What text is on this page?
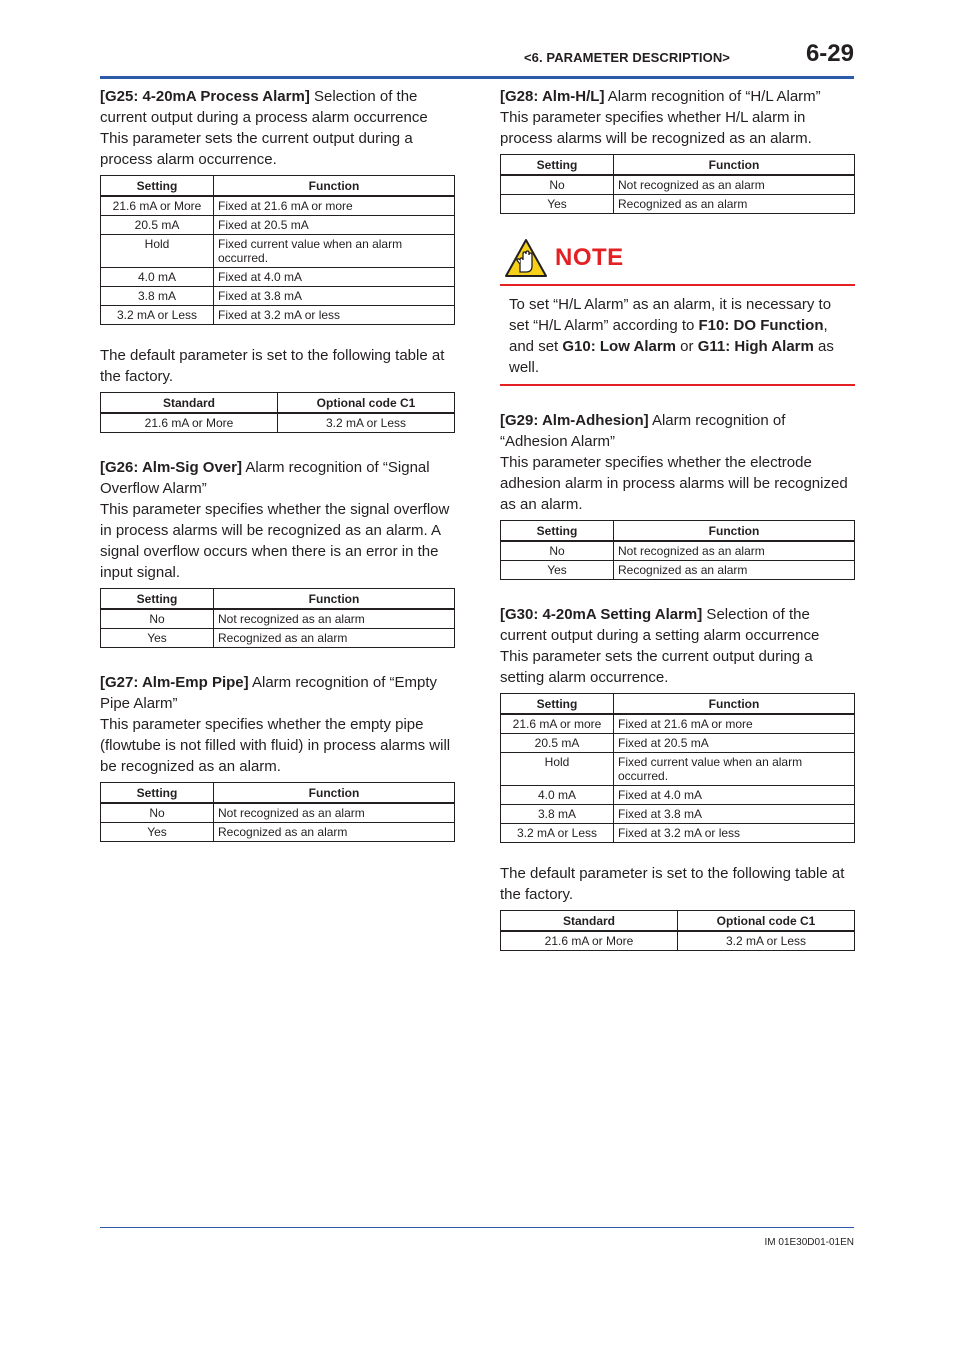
<6. PARAMETER DESCRIPTION>	6-29

[G25: 4-20mA Process Alarm] Selection of the current output during a process alarm occurrence

This parameter sets the current output during a process alarm occurrence.

Setting	Function
21.6 mA or More	Fixed at 21.6 mA or more
20.5 mA	Fixed at 20.5 mA
Hold	Fixed current value when an alarm occurred.
4.0 mA	Fixed at 4.0 mA
3.8 mA	Fixed at 3.8 mA
3.2 mA or Less	Fixed at 3.2 mA or less

The default parameter is set to the following table at the factory.

Standard	Optional code C1
21.6 mA or More	3.2 mA or Less

[G26: Alm-Sig Over] Alarm recognition of “Signal Overflow Alarm”

This parameter specifies whether the signal overflow in process alarms will be recognized as an alarm. A signal overflow occurs when there is an error in the input signal.

Setting	Function
No	Not recognized as an alarm
Yes	Recognized as an alarm

[G27: Alm-Emp Pipe] Alarm recognition of “Empty Pipe Alarm”

This parameter specifies whether the empty pipe (flowtube is not filled with fluid) in process alarms will be recognized as an alarm.

Setting	Function
No	Not recognized as an alarm
Yes	Recognized as an alarm

[G28: Alm-H/L] Alarm recognition of “H/L Alarm”

This parameter specifies whether H/L alarm in process alarms will be recognized as an alarm.

Setting	Function
No	Not recognized as an alarm
Yes	Recognized as an alarm
NOTE
To set “H/L Alarm” as an alarm, it is necessary to set “H/L Alarm” according to F10: DO Function, and set G10: Low Alarm or G11: High Alarm as well.

[G29: Alm-Adhesion] Alarm recognition of “Adhesion Alarm”

This parameter specifies whether the electrode adhesion alarm in process alarms will be recognized as an alarm.

Setting	Function
No	Not recognized as an alarm
Yes	Recognized as an alarm

[G30: 4-20mA Setting Alarm] Selection of the current output during a setting alarm occurrence

This parameter sets the current output during a setting alarm occurrence.

Setting	Function
21.6 mA or more	Fixed at 21.6 mA or more
20.5 mA	Fixed at 20.5 mA
Hold	Fixed current value when an alarm occurred.
4.0 mA	Fixed at 4.0 mA
3.8 mA	Fixed at 3.8 mA
3.2 mA or Less	Fixed at 3.2 mA or less

The default parameter is set to the following table at the factory.

Standard	Optional code C1
21.6 mA or More	3.2 mA or Less
IM 01E30D01-01EN
